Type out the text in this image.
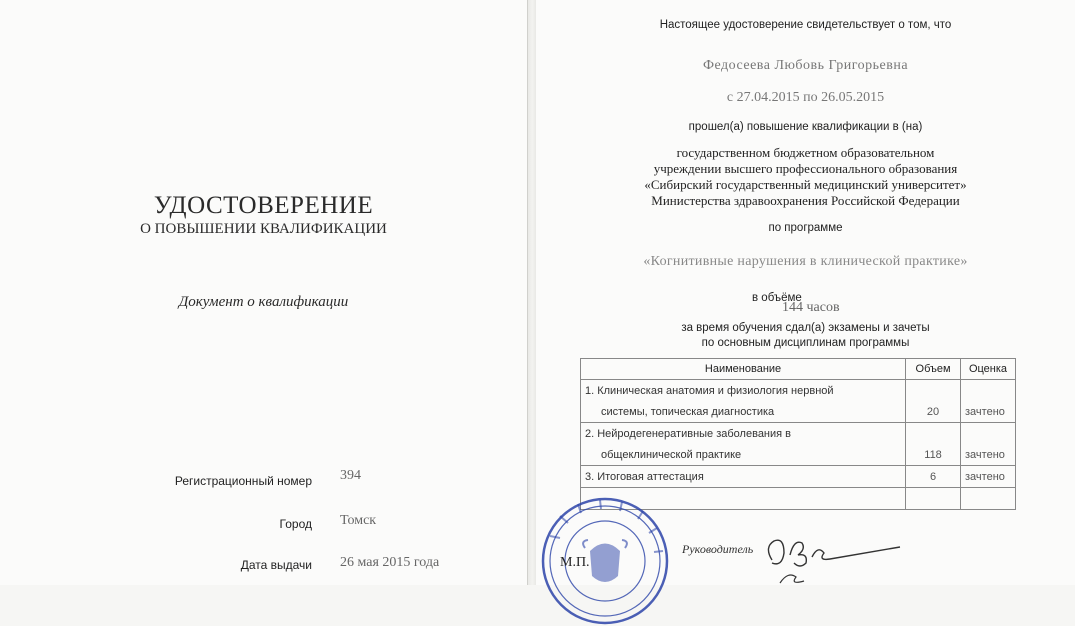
УДОСТОВЕРЕНИЕ
О ПОВЫШЕНИИ КВАЛИФИКАЦИИ
Документ о квалификации
Регистрационный номер 394
Город Томск
Дата выдачи 26 мая 2015 года
Настоящее удостоверение свидетельствует о том, что
Федосеева Любовь Григорьевна
с 27.04.2015 по 26.05.2015
прошел(а) повышение квалификации в (на)
государственном бюджетном образовательном
учреждении высшего профессионального образования
«Сибирский государственный медицинский университет»
Министерства здравоохранения Российской Федерации
по программе
«Когнитивные нарушения в клинической практике»
в объёме
144 часов
за время обучения сдал(а) экзамены и зачеты
по основным дисциплинам программы
Наименование	Объем	Оценка
1. Клиническая анатомия и физиология нервной		
системы, топическая диагностика	20	зачтено
2. Нейродегенеративные заболевания в		
общеклинической практике	118	зачтено
3. Итоговая аттестация	6	зачтено

М.П.
Руководитель
